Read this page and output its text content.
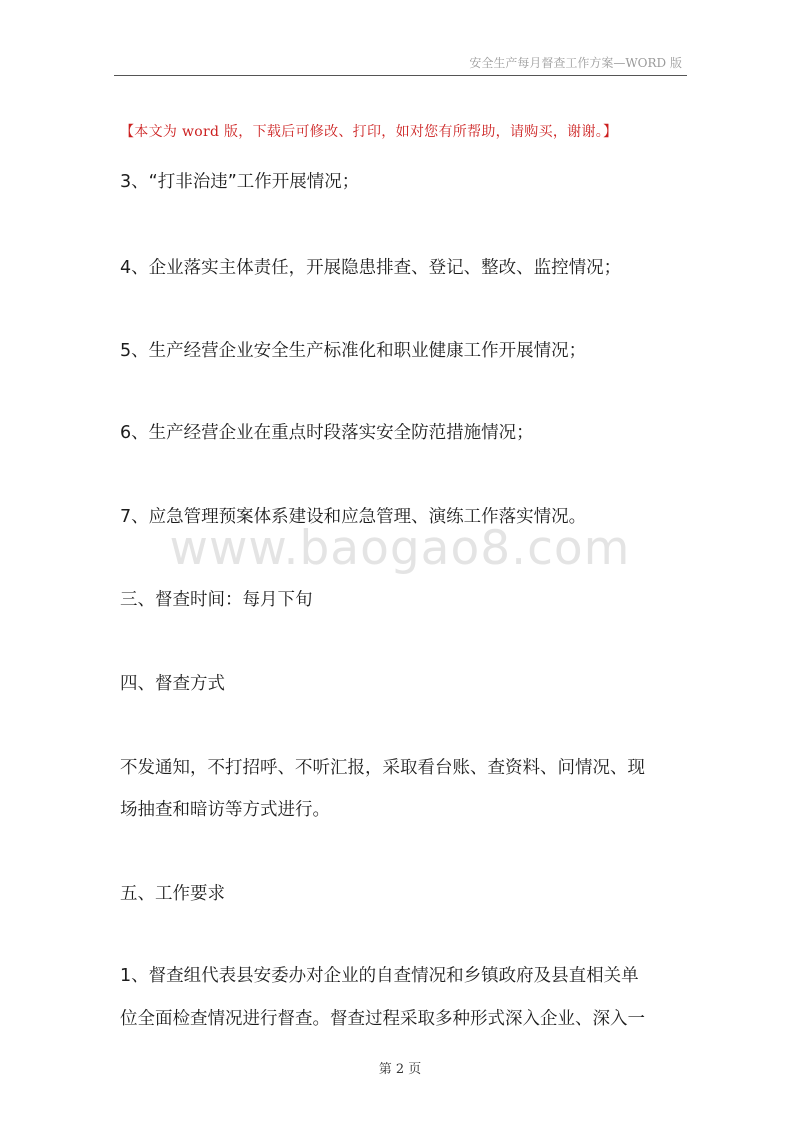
安全生产每月督查工作方案—WORD 版
【本文为 word 版，下载后可修改、打印，如对您有所帮助，请购买，谢谢。】
3、“打非治违”工作开展情况；
4、企业落实主体责任，开展隐患排查、登记、整改、监控情况；
5、生产经营企业安全生产标准化和职业健康工作开展情况；
6、生产经营企业在重点时段落实安全防范措施情况；
7、应急管理预案体系建设和应急管理、演练工作落实情况。
www.baogao8.com
三、督查时间：每月下旬
四、督查方式
不发通知，不打招呼、不听汇报，采取看台账、查资料、问情况、现
场抽查和暗访等方式进行。
五、工作要求
1、督查组代表县安委办对企业的自查情况和乡镇政府及县直相关单
位全面检查情况进行督查。督查过程采取多种形式深入企业、深入一
第 2 页
